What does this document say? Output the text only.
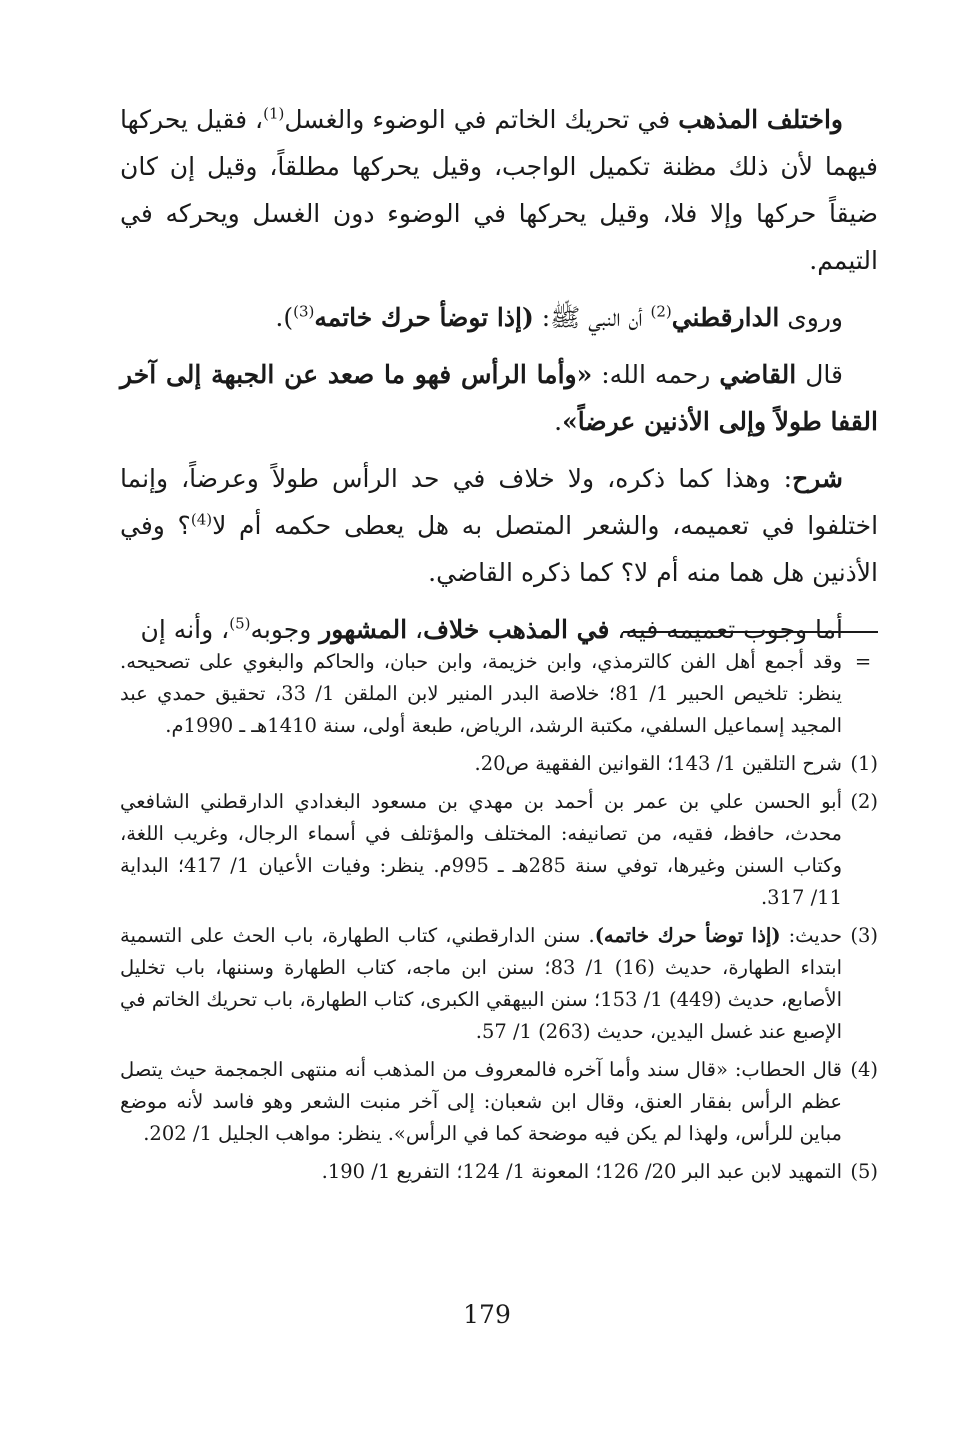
واختلف المذهب في تحريك الخاتم في الوضوء والغسل$^{(1)}$، فقيل يحركها فيهما لأن ذلك مظنة تكميل الواجب، وقيل يحركها مطلقاً، وقيل إن كان ضيقاً حركها وإلا فلا، وقيل يحركها في الوضوء دون الغسل ويحركه في التيمم.

وروى الدارقطني$^{(2)}$ أن النبي ﷺ: (إذا توضأ حرك خاتمه$^{(3)}$).

قال القاضي رحمه الله: «وأما الرأس فهو ما صعد عن الجبهة إلى آخر القفا طولاً وإلى الأذنين عرضاً».

شرح: وهذا كما ذكره، ولا خلاف في حد الرأس طولاً وعرضاً، وإنما اختلفوا في تعميمه، والشعر المتصل به هل يعطى حكمه أم لا$^{(4)}$؟ وفي الأذنين هل هما منه أم لا؟ كما ذكره القاضي.

أما وجوب تعميمه فيه، في المذهب خلاف، المشهور وجوبه$^{(5)}$، وأنه إن

=
وقد أجمع أهل الفن كالترمذي، وابن خزيمة، وابن حبان، والحاكم والبغوي على تصحيحه. ينظر: تلخيص الحبير 1/ 81؛ خلاصة البدر المنير لابن الملقن 1/ 33، تحقيق حمدي عبد المجيد إسماعيل السلفي، مكتبة الرشد، الرياض، طبعة أولى، سنة 1410هـ ـ 1990م.
(1)
شرح التلقين 1/ 143؛ القوانين الفقهية ص20.
(2)
أبو الحسن علي بن عمر بن أحمد بن مهدي بن مسعود البغدادي الدارقطني الشافعي محدث، حافظ، فقيه، من تصانيفه: المختلف والمؤتلف في أسماء الرجال، وغريب اللغة، وكتاب السنن وغيرها، توفي سنة 285هـ ـ 995م. ينظر: وفيات الأعيان 1/ 417؛ البداية 11/ 317.
(3)
حديث: (إذا توضأ حرك خاتمه). سنن الدارقطني، كتاب الطهارة، باب الحث على التسمية ابتداء الطهارة، حديث (16) 1/ 83؛ سنن ابن ماجه، كتاب الطهارة وسننها، باب تخليل الأصابع، حديث (449) 1/ 153؛ سنن البيهقي الكبرى، كتاب الطهارة، باب تحريك الخاتم في الإصبع عند غسل اليدين، حديث (263) 1/ 57.
(4)
قال الحطاب: «قال سند وأما آخره فالمعروف من المذهب أنه منتهى الجمجمة حيث يتصل عظم الرأس بفقار العنق، وقال ابن شعبان: إلى آخر منبت الشعر وهو فاسد لأنه موضع مباين للرأس، ولهذا لم يكن فيه موضحة كما في الرأس». ينظر: مواهب الجليل 1/ 202.
(5)
التمهيد لابن عبد البر 20/ 126؛ المعونة 1/ 124؛ التفريع 1/ 190.
179
